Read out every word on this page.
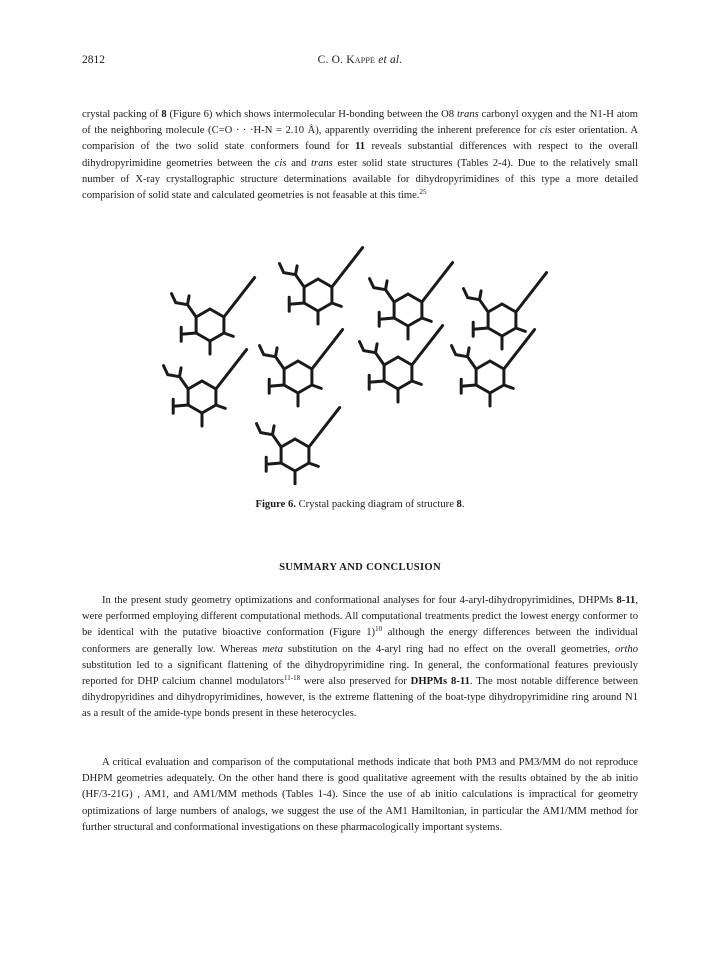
2812	C. O. Kappe et al.

crystal packing of 8 (Figure 6) which shows intermolecular H-bonding between the O8 trans carbonyl oxygen and the N1-H atom of the neighboring molecule (C=O · · ·H-N = 2.10 Å), apparently overriding the inherent preference for cis ester orientation. A comparision of the two solid state conformers found for 11 reveals substantial differences with respect to the overall dihydropyrimidine geometries between the cis and trans ester solid state structures (Tables 2-4). Due to the relatively small number of X-ray crystallographic structure determinations available for dihydropyrimidines of this type a more detailed comparision of solid state and calculated geometries is not feasable at this time.$^{25}$

Figure 6. Crystal packing diagram of structure 8.
SUMMARY AND CONCLUSION

In the present study geometry optimizations and conformational analyses for four 4-aryl-dihydropyrimidines, DHPMs 8-11, were performed employing different computational methods. All computational treatments predict the lowest energy conformer to be identical with the putative bioactive conformation (Figure 1)$^{10}$ although the energy differences between the individual conformers are generally low. Whereas meta substitution on the 4-aryl ring had no effect on the overall geometries, ortho substitution led to a significant flattening of the dihydropyrimidine ring. In general, the conformational features previously reported for DHP calcium channel modulators$^{11-18}$ were also preserved for DHPMs 8-11. The most notable difference between dihydropyridines and dihydropyrimidines, however, is the extreme flattening of the boat-type dihydropyrimidine ring around N1 as a result of the amide-type bonds present in these heterocycles.

A critical evaluation and comparison of the computational methods indicate that both PM3 and PM3/MM do not reproduce DHPM geometries adequately. On the other hand there is good qualitative agreement with the results obtained by the ab initio (HF/3-21G) , AM1, and AM1/MM methods (Tables 1-4). Since the use of ab initio calculations is impractical for geometry optimizations of large numbers of analogs, we suggest the use of the AM1 Hamiltonian, in particular the AM1/MM method for further structural and conformational investigations on these pharmacologically important systems.
